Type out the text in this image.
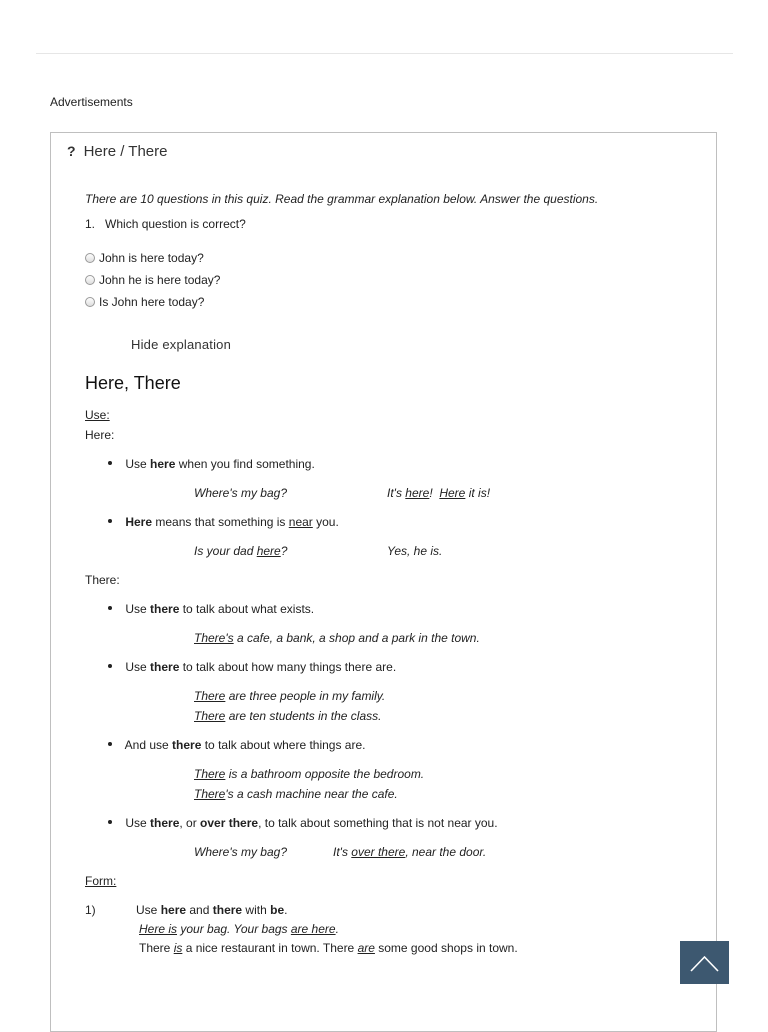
Advertisements
? Here / There
There are 10 questions in this quiz. Read the grammar explanation below. Answer the questions.
1. Which question is correct?
John is here today?
John he is here today?
Is John here today?
Hide explanation
Here, There
Use:
Here:
Use here when you find something.
Where's my bag?	It's here!  Here it is!
Here means that something is near you.
Is your dad here?	Yes, he is.
There:
Use there to talk about what exists.
There's a cafe, a bank, a shop and a park in the town.
Use there to talk about how many things there are.
There are three people in my family.
There are ten students in the class.
And use there to talk about where things are.
There is a bathroom opposite the bedroom.
There's a cash machine near the cafe.
Use there, or over there, to talk about something that is not near you.
Where's my bag?	It's over there, near the door.
Form:
1)	Use here and there with be.
Here is your bag. Your bags are here.
There is a nice restaurant in town. There are some good shops in town.
